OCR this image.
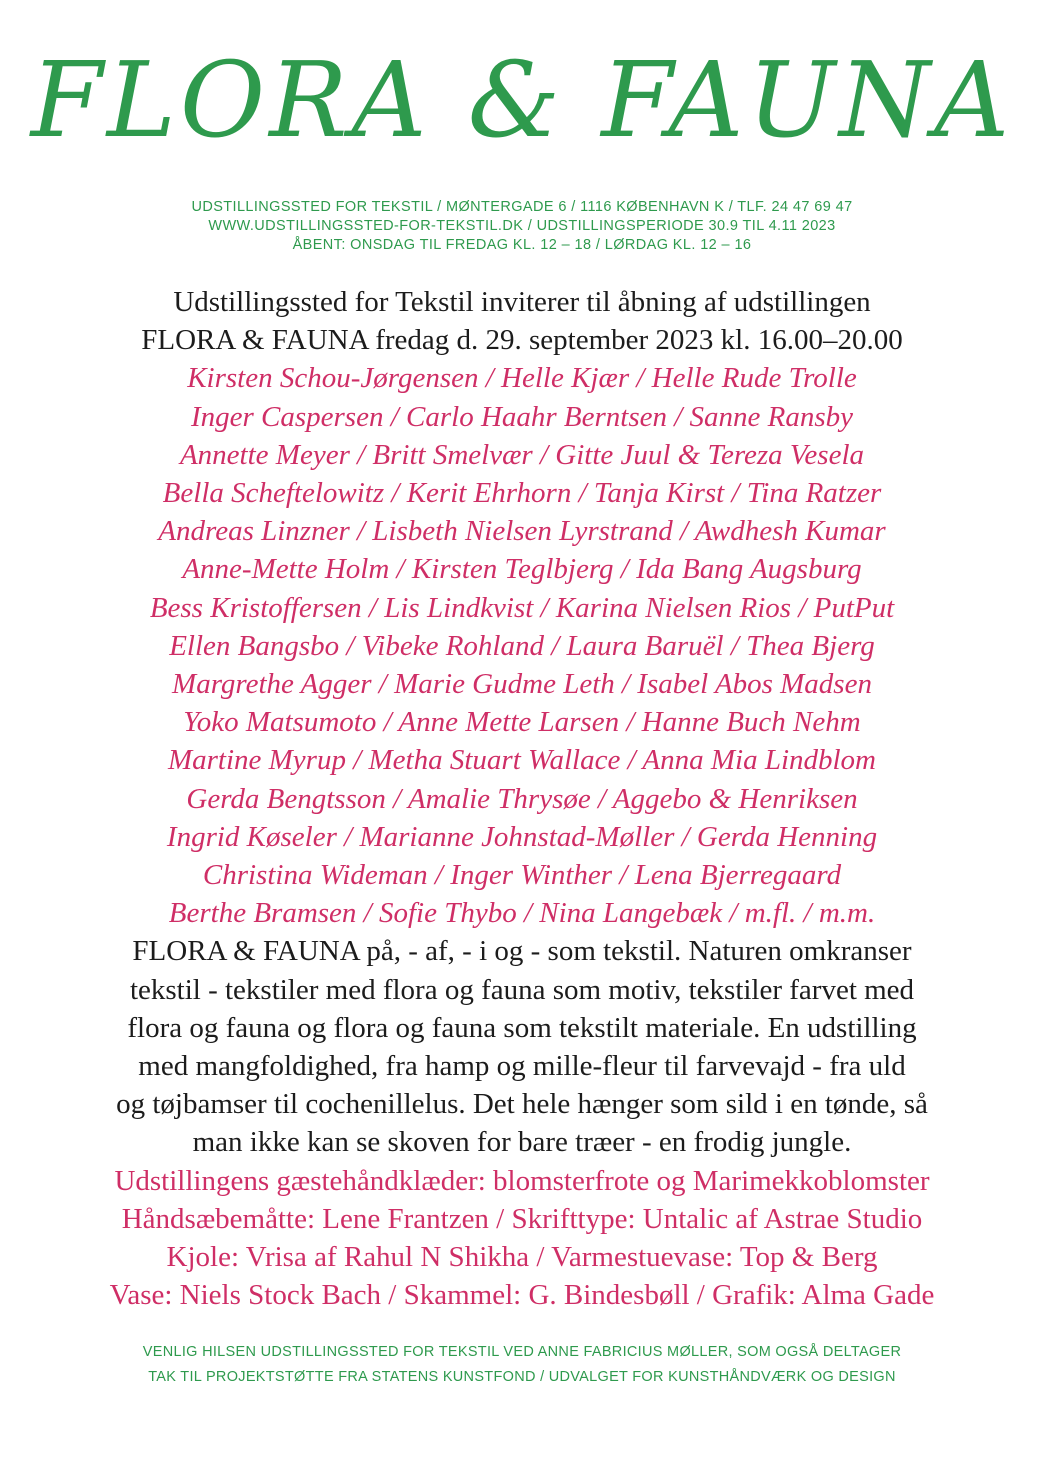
FLORA & FAUNA
UDSTILLINGSSTED FOR TEKSTIL / MØNTERGADE 6 / 1116 KØBENHAVN K / TLF. 24 47 69 47
WWW.UDSTILLINGSSTED-FOR-TEKSTIL.DK / UDSTILLINGSPERIODE 30.9 TIL 4.11 2023
ÅBENT: ONSDAG TIL FREDAG KL. 12 – 18 / LØRDAG KL. 12 – 16
Udstillingssted for Tekstil inviterer til åbning af udstillingen
FLORA & FAUNA fredag d. 29. september 2023 kl. 16.00–20.00
Kirsten Schou-Jørgensen / Helle Kjær / Helle Rude Trolle
Inger Caspersen / Carlo Haahr Berntsen / Sanne Ransby
Annette Meyer / Britt Smelvær / Gitte Juul & Tereza Vesela
Bella Scheftelowitz / Kerit Ehrhorn / Tanja Kirst / Tina Ratzer
Andreas Linzner / Lisbeth Nielsen Lyrstrand / Awdhesh Kumar
Anne-Mette Holm / Kirsten Teglbjerg / Ida Bang Augsburg
Bess Kristoffersen / Lis Lindkvist / Karina Nielsen Rios / PutPut
Ellen Bangsbo / Vibeke Rohland / Laura Baruël / Thea Bjerg
Margrethe Agger / Marie Gudme Leth / Isabel Abos Madsen
Yoko Matsumoto / Anne Mette Larsen / Hanne Buch Nehm
Martine Myrup / Metha Stuart Wallace / Anna Mia Lindblom
Gerda Bengtsson / Amalie Thrysøe / Aggebo & Henriksen
Ingrid Køseler / Marianne Johnstad-Møller / Gerda Henning
Christina Wideman / Inger Winther / Lena Bjerregaard
Berthe Bramsen / Sofie Thybo / Nina Langebæk / m.fl. / m.m.
FLORA & FAUNA på, - af, - i og - som tekstil. Naturen omkranser
tekstil - tekstiler med flora og fauna som motiv, tekstiler farvet med
flora og fauna og flora og fauna som tekstilt materiale. En udstilling
med mangfoldighed, fra hamp og mille-fleur til farvevajd - fra uld
og tøjbamser til cochenillelus. Det hele hænger som sild i en tønde, så
man ikke kan se skoven for bare træer - en frodig jungle.
Udstillingens gæstehåndklæder: blomsterfrote og Marimekkoblomster
Håndsæbemåtte: Lene Frantzen / Skrifttype: Untalic af Astrae Studio
Kjole: Vrisa af Rahul N Shikha / Varmestuevase: Top & Berg
Vase: Niels Stock Bach / Skammel: G. Bindesbøll / Grafik: Alma Gade
VENLIG HILSEN UDSTILLINGSSTED FOR TEKSTIL VED ANNE FABRICIUS MØLLER, SOM OGSÅ DELTAGER
TAK TIL PROJEKTSTØTTE FRA STATENS KUNSTFOND / UDVALGET FOR KUNSTHÅNDVÆRK OG DESIGN
